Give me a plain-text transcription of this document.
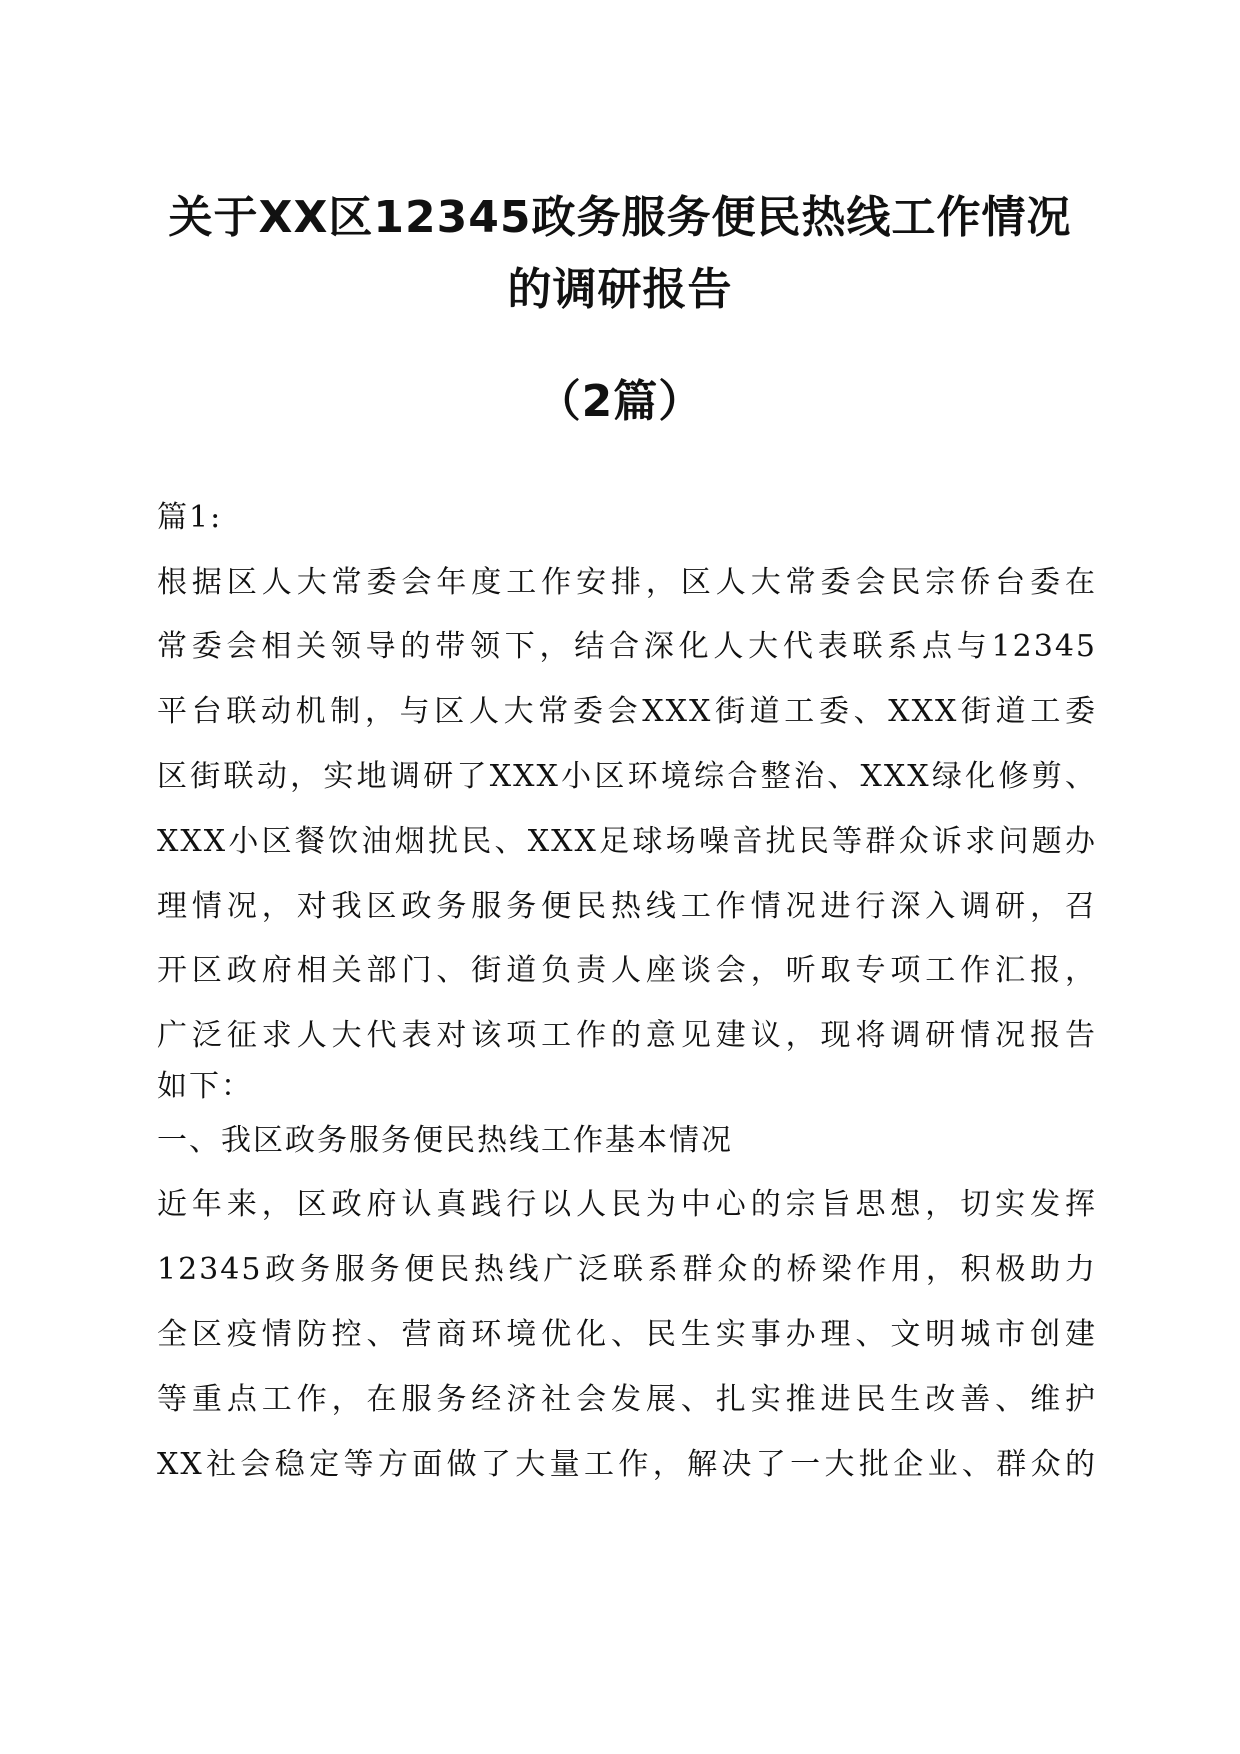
关于XX区12345政务服务便民热线工作情况
的调研报告
（2篇）

篇1:

根据区人大常委会年度工作安排，区人大常委会民宗侨台委在

常委会相关领导的带领下，结合深化人大代表联系点与12345

平台联动机制，与区人大常委会XXX街道工委、XXX街道工委

区街联动，实地调研了XXX小区环境综合整治、XXX绿化修剪、

XXX小区餐饮油烟扰民、XXX足球场噪音扰民等群众诉求问题办

理情况，对我区政务服务便民热线工作情况进行深入调研，召

开区政府相关部门、街道负责人座谈会，听取专项工作汇报，

广泛征求人大代表对该项工作的意见建议，现将调研情况报告

如下：

一、我区政务服务便民热线工作基本情况

近年来，区政府认真践行以人民为中心的宗旨思想，切实发挥

12345政务服务便民热线广泛联系群众的桥梁作用，积极助力

全区疫情防控、营商环境优化、民生实事办理、文明城市创建

等重点工作，在服务经济社会发展、扎实推进民生改善、维护

XX社会稳定等方面做了大量工作，解决了一大批企业、群众的
